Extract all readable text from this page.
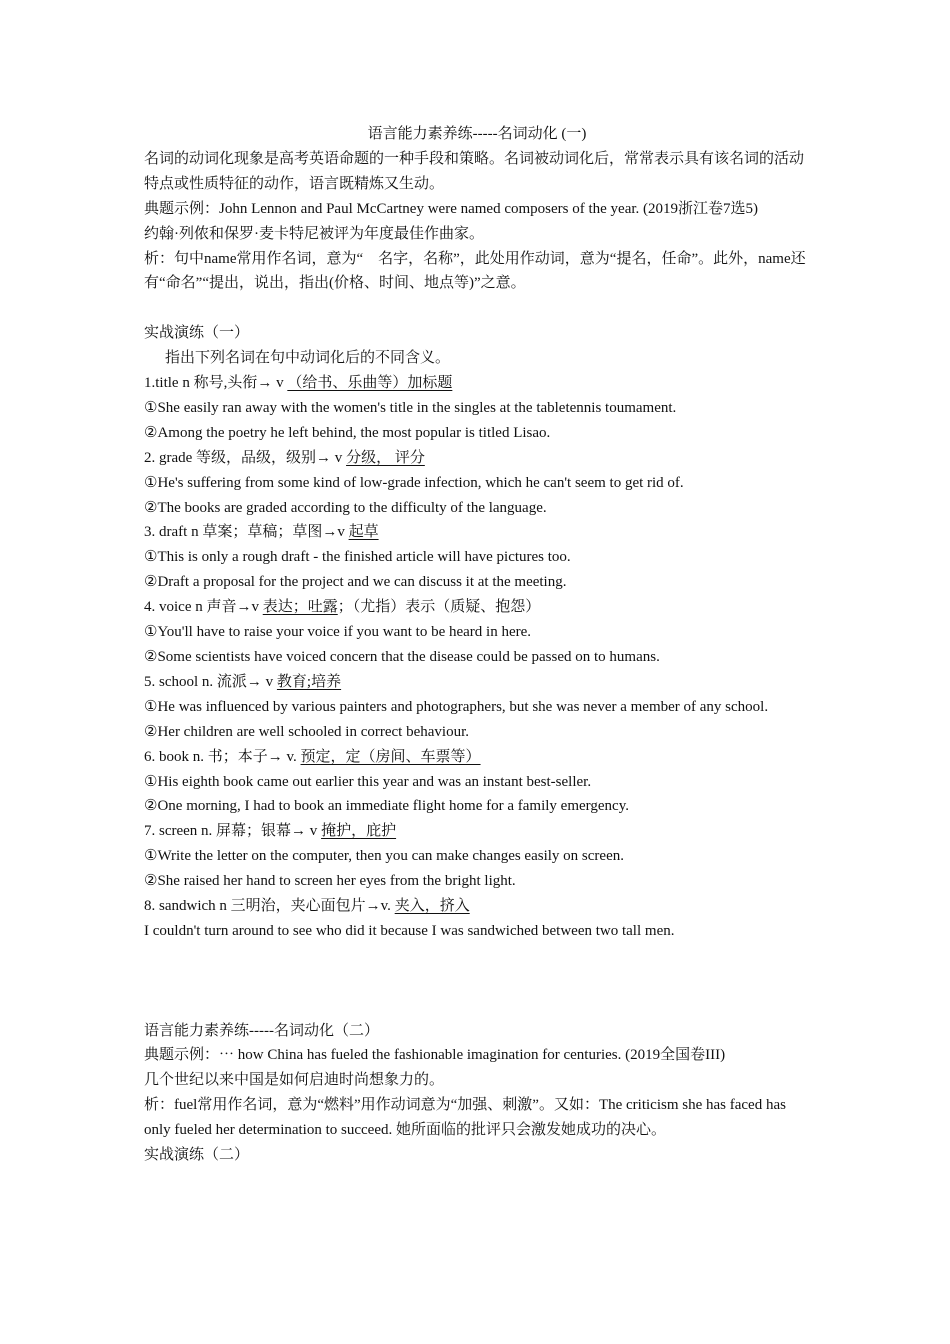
语言能力素养练-----名词动化 (一)
名词的动词化现象是高考英语命题的一种手段和策略。名词被动词化后，常常表示具有该名词的活动特点或性质特征的动作，语言既精炼又生动。
典题示例：John Lennon and Paul McCartney were named composers of the year. (2019浙江卷7选5)
约翰·列侬和保罗·麦卡特尼被评为年度最佳作曲家。
析：句中name常用作名词，意为“　名字，名称”，此处用作动词，意为“提名，任命”。此外，name还有“命名”“提出，说出，指出(价格、时间、地点等)”之意。
实战演练（一）
指出下列名词在句中动词化后的不同含义。
1.title n 称号,头衔→ v （给书、乐曲等）加标题
①She easily ran away with the women's title in the singles at the tabletennis toumament.
②Among the poetry he left behind, the most popular is titled Lisao.
2. grade 等级，品级，级别→ v 分级， 评分
①He's suffering from some kind of low-grade infection, which he can't seem to get rid of.
②The books are graded according to the difficulty of the language.
3. draft n 草案；草稿；草图→v 起草
①This is only a rough draft - the finished article will have pictures too.
②Draft a proposal for the project and we can discuss it at the meeting.
4. voice n 声音→v 表达；吐露；（尤指）表示（质疑、抱怨）
①You'll have to raise your voice if you want to be heard in here.
②Some scientists have voiced concern that the disease could be passed on to humans.
5. school n. 流派→ v 教育;培养
①He was influenced by various painters and photographers, but she was never a member of any school.
②Her children are well schooled in correct behaviour.
6. book n. 书；本子→ v. 预定，定（房间、车票等）
①His eighth book came out earlier this year and was an instant best-seller.
②One morning, I had to book an immediate flight home for a family emergency.
7. screen n. 屏幕；银幕→ v 掩护，庇护
①Write the letter on the computer, then you can make changes easily on screen.
②She raised her hand to screen her eyes from the bright light.
8. sandwich n 三明治，夹心面包片→v. 夹入，挤入
I couldn't turn around to see who did it because I was sandwiched between two tall men.
语言能力素养练-----名词动化（二）
典题示例：⋯ how China has fueled the fashionable imagination for centuries. (2019全国卷III)
几个世纪以来中国是如何启迪时尚想象力的。
析：fuel常用作名词，意为“燃料”用作动词意为“加强、刺激”。又如：The criticism she has faced has only fueled her determination to succeed. 她所面临的批评只会激发她成功的决心。
实战演练（二）
